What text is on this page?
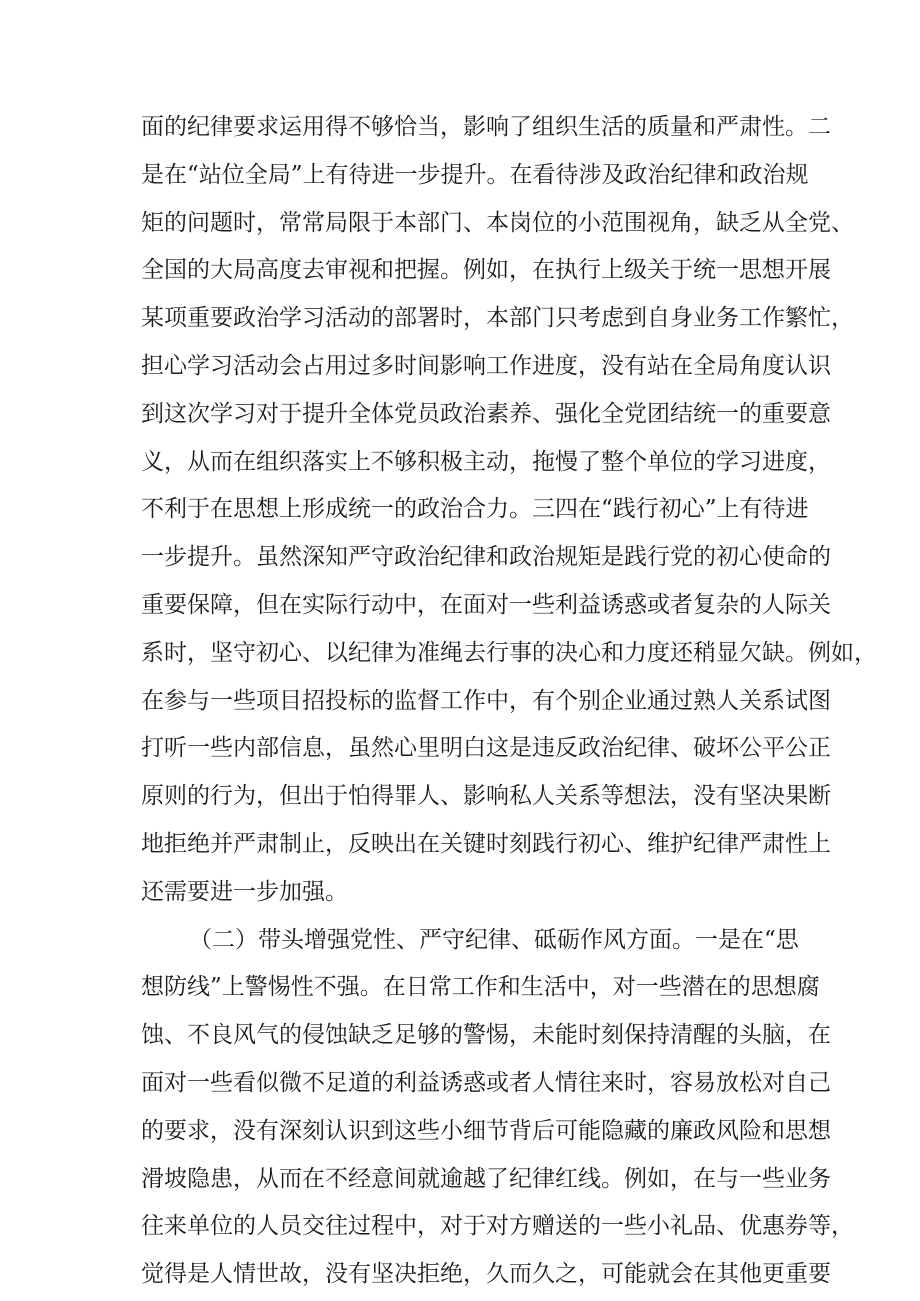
面的纪律要求运用得不够恰当，影响了组织生活的质量和严肃性。二
是在“站位全局”上有待进一步提升。在看待涉及政治纪律和政治规
矩的问题时，常常局限于本部门、本岗位的小范围视角，缺乏从全党、
全国的大局高度去审视和把握。例如，在执行上级关于统一思想开展
某项重要政治学习活动的部署时，本部门只考虑到自身业务工作繁忙，
担心学习活动会占用过多时间影响工作进度，没有站在全局角度认识
到这次学习对于提升全体党员政治素养、强化全党团结统一的重要意
义，从而在组织落实上不够积极主动，拖慢了整个单位的学习进度，
不利于在思想上形成统一的政治合力。三四在“践行初心”上有待进
一步提升。虽然深知严守政治纪律和政治规矩是践行党的初心使命的
重要保障，但在实际行动中，在面对一些利益诱惑或者复杂的人际关
系时，坚守初心、以纪律为准绳去行事的决心和力度还稍显欠缺。例如，
在参与一些项目招投标的监督工作中，有个别企业通过熟人关系试图
打听一些内部信息，虽然心里明白这是违反政治纪律、破坏公平公正
原则的行为，但出于怕得罪人、影响私人关系等想法，没有坚决果断
地拒绝并严肃制止，反映出在关键时刻践行初心、维护纪律严肃性上
还需要进一步加强。
（二）带头增强党性、严守纪律、砥砺作风方面。一是在“思
想防线”上警惕性不强。在日常工作和生活中，对一些潜在的思想腐
蚀、不良风气的侵蚀缺乏足够的警惕，未能时刻保持清醒的头脑，在
面对一些看似微不足道的利益诱惑或者人情往来时，容易放松对自己
的要求，没有深刻认识到这些小细节背后可能隐藏的廉政风险和思想
滑坡隐患，从而在不经意间就逾越了纪律红线。例如，在与一些业务
往来单位的人员交往过程中，对于对方赠送的一些小礼品、优惠券等，
觉得是人情世故，没有坚决拒绝，久而久之，可能就会在其他更重要
